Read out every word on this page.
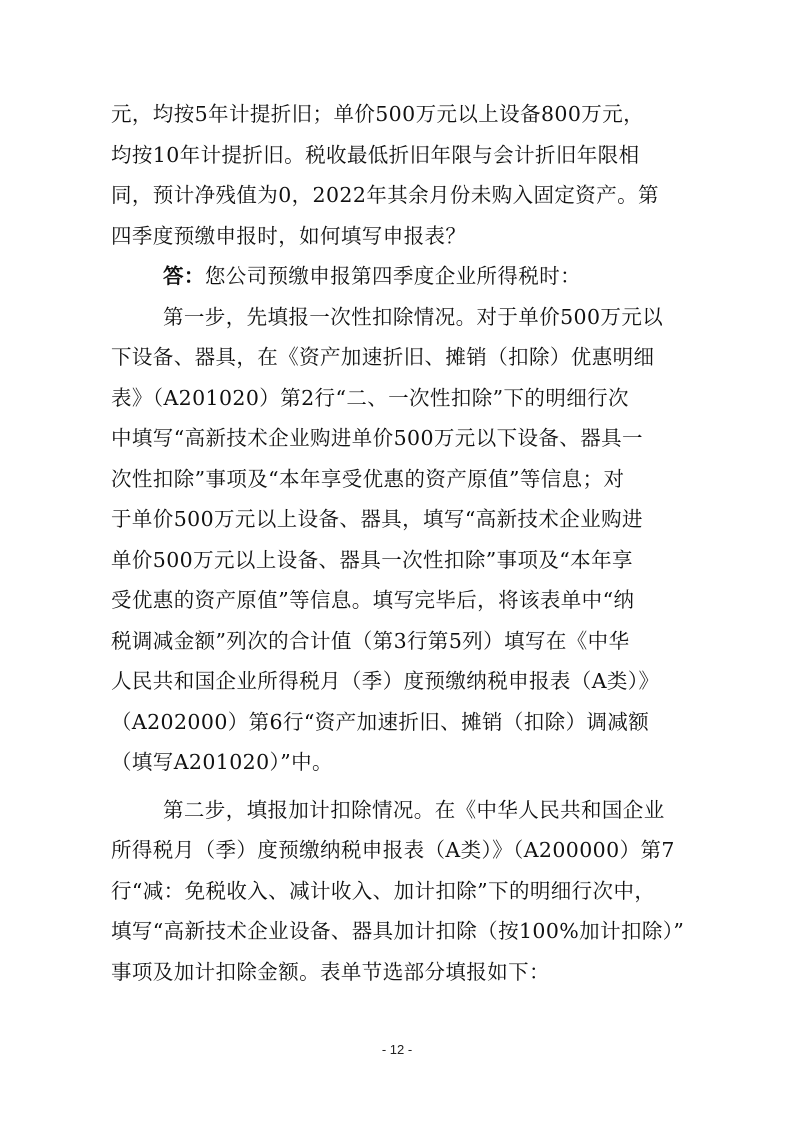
元，均按5年计提折旧；单价500万元以上设备800万元，
均按10年计提折旧。税收最低折旧年限与会计折旧年限相
同，预计净残值为0，2022年其余月份未购入固定资产。第
四季度预缴申报时，如何填写申报表？
答：您公司预缴申报第四季度企业所得税时：
第一步，先填报一次性扣除情况。对于单价500万元以
下设备、器具，在《资产加速折旧、摊销（扣除）优惠明细
表》（A201020）第2行“二、一次性扣除”下的明细行次
中填写“高新技术企业购进单价500万元以下设备、器具一
次性扣除”事项及“本年享受优惠的资产原值”等信息；对
于单价500万元以上设备、器具，填写“高新技术企业购进
单价500万元以上设备、器具一次性扣除”事项及“本年享
受优惠的资产原值”等信息。填写完毕后，将该表单中“纳
税调减金额”列次的合计值（第3行第5列）填写在《中华
人民共和国企业所得税月（季）度预缴纳税申报表（A类）》
（A202000）第6行“资产加速折旧、摊销（扣除）调减额
（填写A201020）”中。
第二步，填报加计扣除情况。在《中华人民共和国企业
所得税月（季）度预缴纳税申报表（A类）》（A200000）第7
行“减：免税收入、减计收入、加计扣除”下的明细行次中，
填写“高新技术企业设备、器具加计扣除（按100%加计扣除）”
事项及加计扣除金额。表单节选部分填报如下：
- 12 -
